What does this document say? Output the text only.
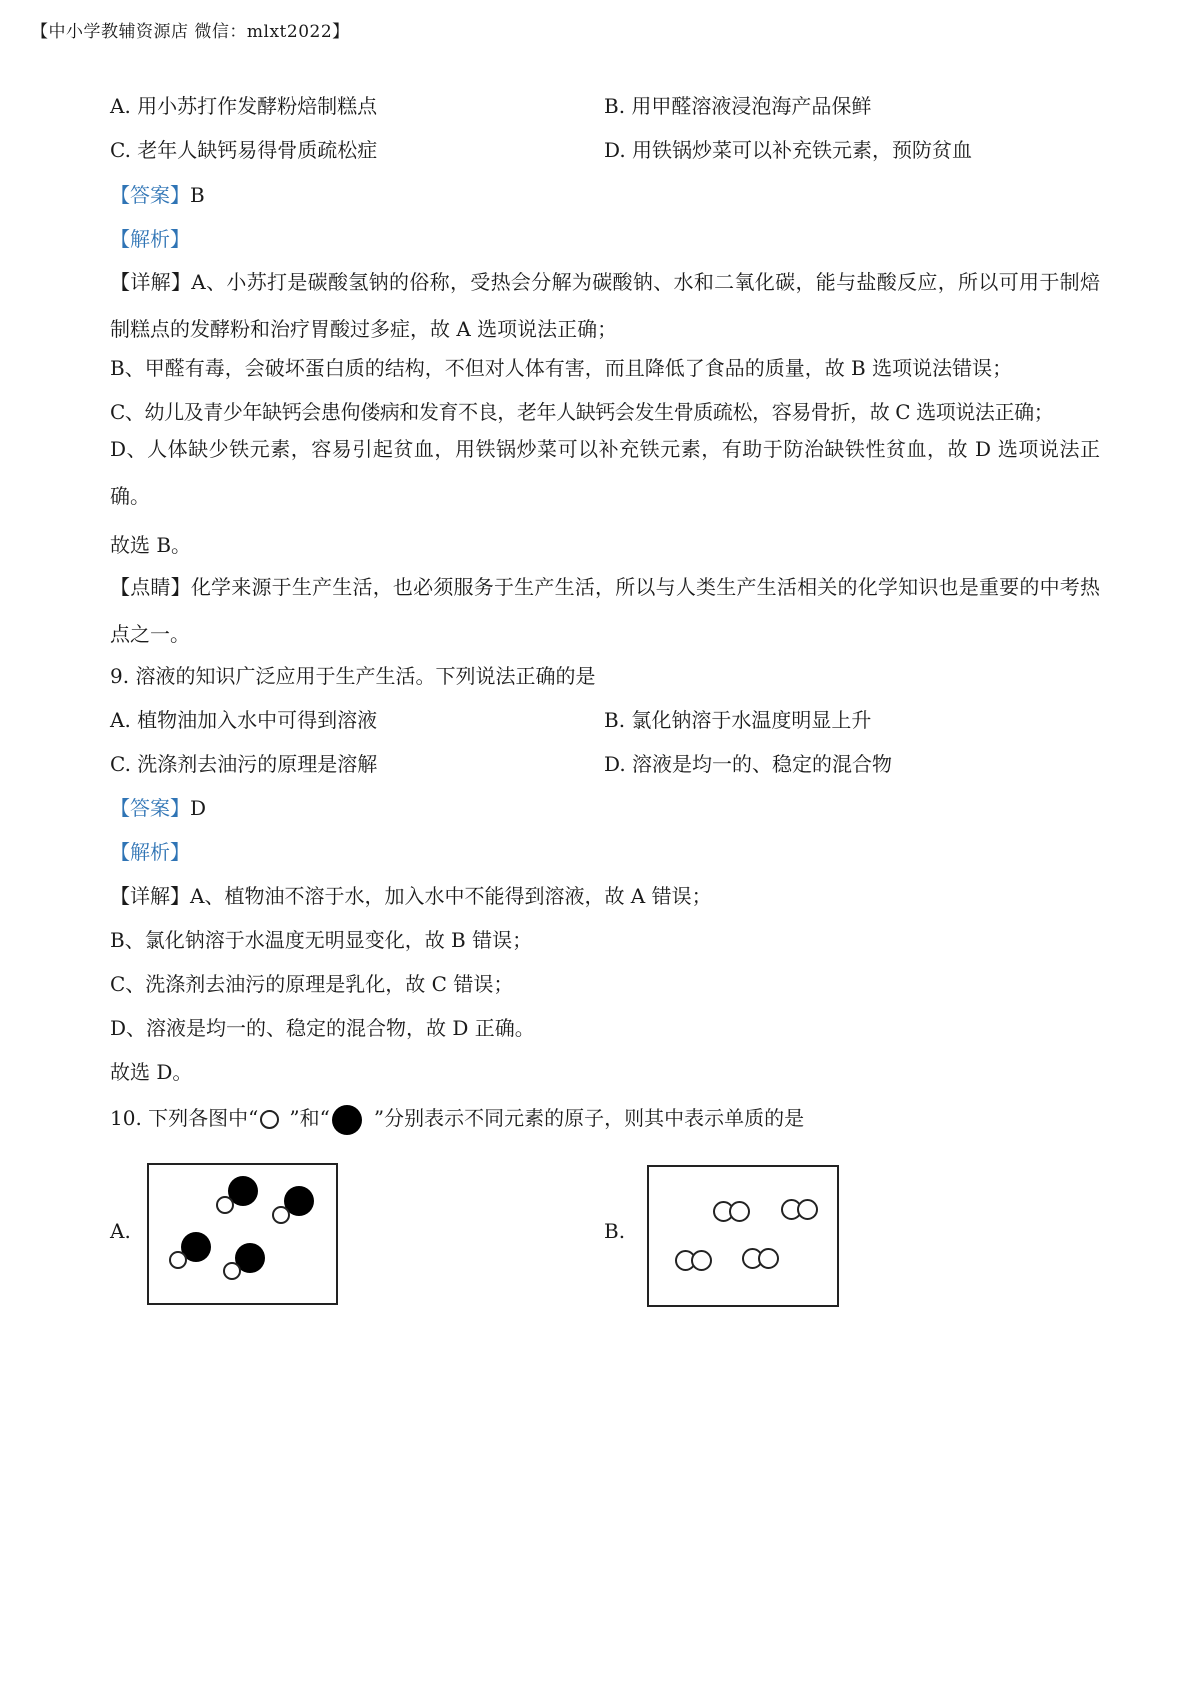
【中小学教辅资源店 微信：mlxt2022】
A. 用小苏打作发酵粉焙制糕点	B. 用甲醛溶液浸泡海产品保鲜
C. 老年人缺钙易得骨质疏松症	D. 用铁锅炒菜可以补充铁元素，预防贫血
【答案】B
【解析】
【详解】A、小苏打是碳酸氢钠的俗称，受热会分解为碳酸钠、水和二氧化碳，能与盐酸反应，所以可用于制焙制糕点的发酵粉和治疗胃酸过多症，故 A 选项说法正确；
B、甲醛有毒，会破坏蛋白质的结构，不但对人体有害，而且降低了食品的质量，故 B 选项说法错误；
C、幼儿及青少年缺钙会患佝偻病和发育不良，老年人缺钙会发生骨质疏松，容易骨折，故 C 选项说法正确；
D、人体缺少铁元素，容易引起贫血，用铁锅炒菜可以补充铁元素，有助于防治缺铁性贫血，故 D 选项说法正确。
故选 B。
【点睛】化学来源于生产生活，也必须服务于生产生活，所以与人类生产生活相关的化学知识也是重要的中考热点之一。
9. 溶液的知识广泛应用于生产生活。下列说法正确的是
A. 植物油加入水中可得到溶液	B. 氯化钠溶于水温度明显上升
C. 洗涤剂去油污的原理是溶解	D. 溶液是均一的、稳定的混合物
【答案】D
【解析】
【详解】A、植物油不溶于水，加入水中不能得到溶液，故 A 错误；
B、氯化钠溶于水温度无明显变化，故 B 错误；
C、洗涤剂去油污的原理是乳化，故 C 错误；
D、溶液是均一的、稳定的混合物，故 D 正确。
故选 D。
10. 下列各图中“ ”和“ ”分别表示不同元素的原子，则其中表示单质的是
A.	B.
